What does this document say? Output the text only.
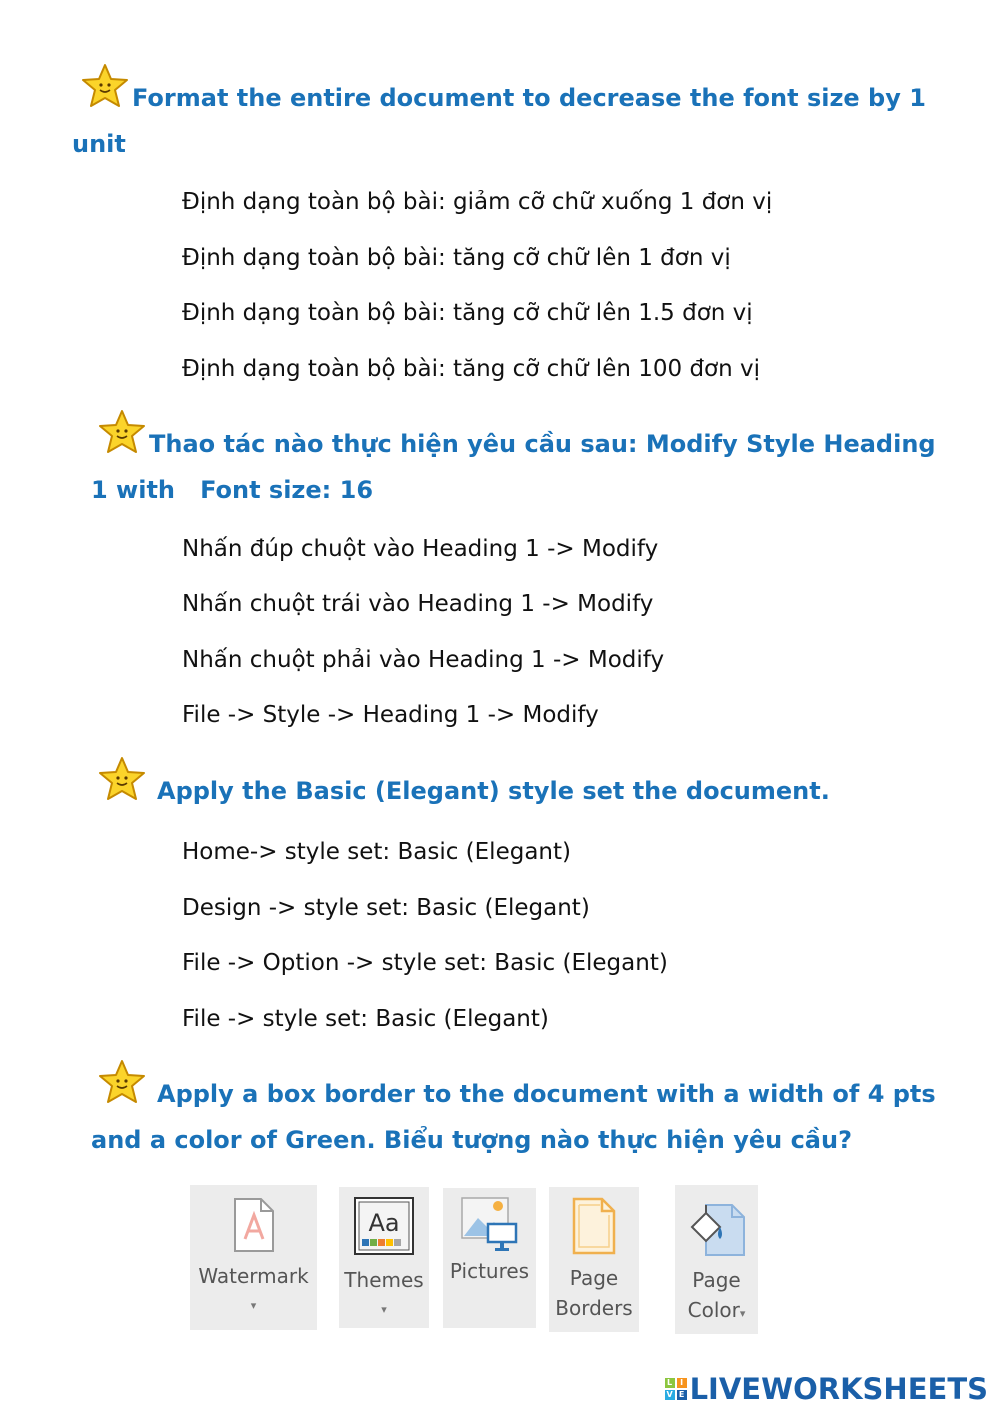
Format the entire document to decrease the font size by 1
unit
Định dạng toàn bộ bài: giảm cỡ chữ xuống 1 đơn vị
Định dạng toàn bộ bài: tăng cỡ chữ lên 1 đơn vị
Định dạng toàn bộ bài: tăng cỡ chữ lên 1.5 đơn vị
Định dạng toàn bộ bài: tăng cỡ chữ lên 100 đơn vị
Thao tác nào thực hiện yêu cầu sau: Modify Style Heading
1 with   Font size: 16
Nhấn đúp chuột vào Heading 1 -> Modify
Nhấn chuột trái vào Heading 1 -> Modify
Nhấn chuột phải vào Heading 1 -> Modify
File -> Style -> Heading 1 -> Modify
Apply the Basic (Elegant) style set the document.
Home-> style set: Basic (Elegant)
Design -> style set: Basic (Elegant)
File -> Option -> style set: Basic (Elegant)
File -> style set: Basic (Elegant)
Apply a box border to the document with a width of 4 pts
and a color of Green. Biểu tượng nào thực hiện yêu cầu?
Watermark
▾
Aa
Themes
▾
Pictures	Page
Borders
Page
Color▾
L I
V E LIVEWORKSHEETS
